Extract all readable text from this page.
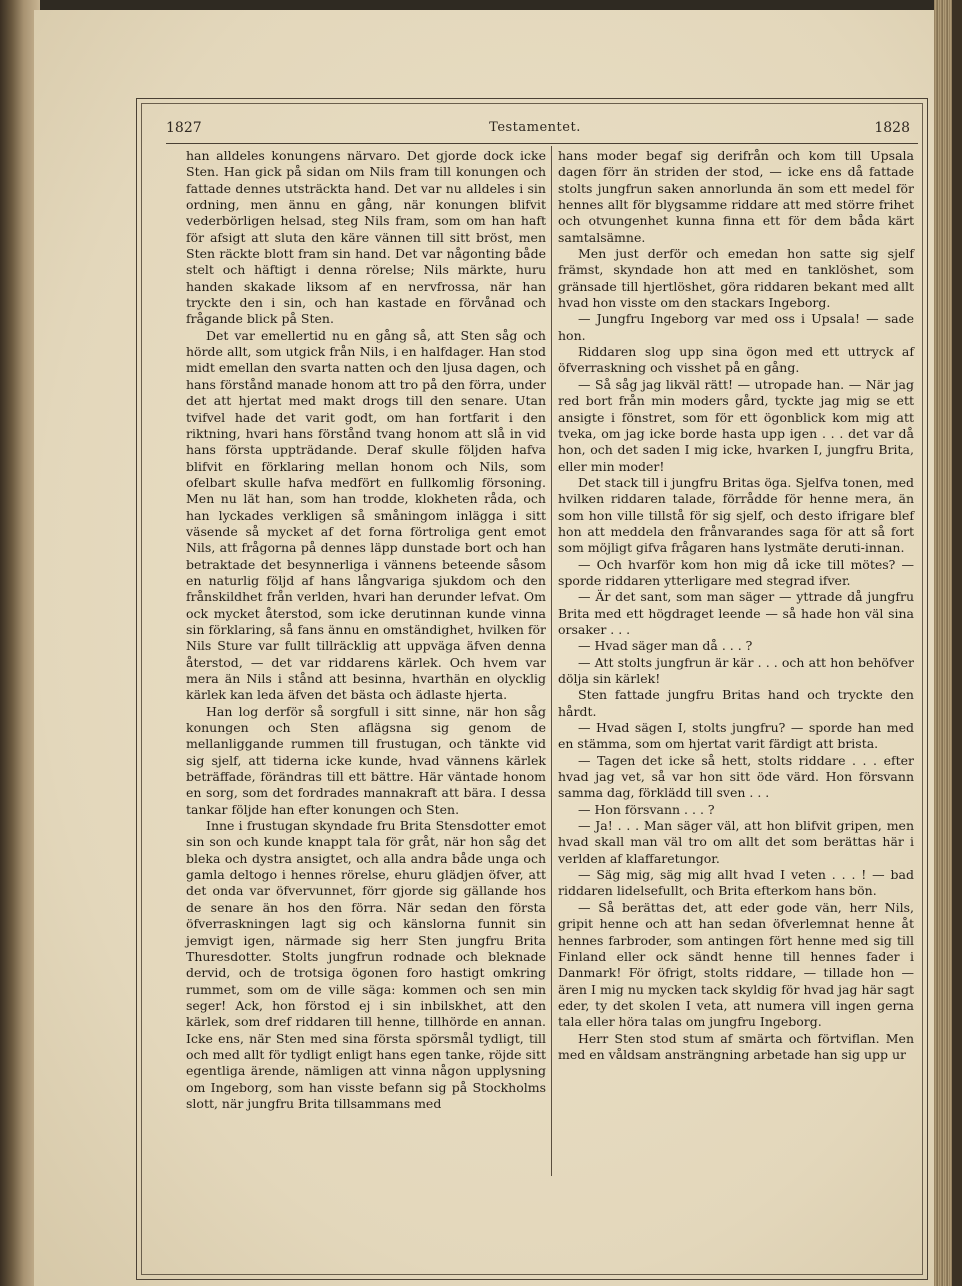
1827	Testamentet.	1828

han alldeles konungens närvaro. Det gjorde dock icke Sten. Han gick på sidan om Nils fram till konungen och fattade dennes utsträckta hand. Det var nu alldeles i sin ordning, men ännu en gång, när konungen blifvit vederbörligen helsad, steg Nils fram, som om han haft för afsigt att sluta den käre vännen till sitt bröst, men Sten räckte blott fram sin hand. Det var någonting både stelt och häftigt i denna rörelse; Nils märkte, huru handen skakade liksom af en nervfrossa, när han tryckte den i sin, och han kastade en förvånad och frågande blick på Sten.

Det var emellertid nu en gång så, att Sten såg och hörde allt, som utgick från Nils, i en halfdager. Han stod midt emellan den svarta natten och den ljusa dagen, och hans förstånd manade honom att tro på den förra, under det att hjertat med makt drogs till den senare. Utan tvifvel hade det varit godt, om han fortfarit i den riktning, hvari hans förstånd tvang honom att slå in vid hans första uppträdande. Deraf skulle följden hafva blifvit en förklaring mellan honom och Nils, som ofelbart skulle hafva medfört en fullkomlig försoning. Men nu lät han, som han trodde, klokheten råda, och han lyckades verkligen så småningom inlägga i sitt väsende så mycket af det forna förtroliga gent emot Nils, att frågorna på dennes läpp dunstade bort och han betraktade det besynnerliga i vännens beteende såsom en naturlig följd af hans långvariga sjukdom och den frånskildhet från verlden, hvari han derunder lefvat. Om ock mycket återstod, som icke derutinnan kunde vinna sin förklaring, så fans ännu en omständighet, hvilken för Nils Sture var fullt tillräcklig att uppväga äfven denna återstod, — det var riddarens kärlek. Och hvem var mera än Nils i stånd att besinna, hvarthän en olycklig kärlek kan leda äfven det bästa och ädlaste hjerta.

Han log derför så sorgfull i sitt sinne, när hon såg konungen och Sten aflägsna sig genom de mellanliggande rummen till frustugan, och tänkte vid sig sjelf, att tiderna icke kunde, hvad vännens kärlek beträffade, förändras till ett bättre. Här väntade honom en sorg, som det fordrades mannakraft att bära. I dessa tankar följde han efter konungen och Sten.

Inne i frustugan skyndade fru Brita Stensdotter emot sin son och kunde knappt tala för gråt, när hon såg det bleka och dystra ansigtet, och alla andra både unga och gamla deltogo i hennes rörelse, ehuru glädjen öfver, att det onda var öfvervunnet, förr gjorde sig gällande hos de senare än hos den förra. När sedan den första öfverraskningen lagt sig och känslorna funnit sin jemvigt igen, närmade sig herr Sten jungfru Brita Thuresdotter. Stolts jungfrun rodnade och bleknade dervid, och de trotsiga ögonen foro hastigt omkring rummet, som om de ville säga: kommen och sen min seger! Ack, hon förstod ej i sin inbilskhet, att den kärlek, som dref riddaren till henne, tillhörde en annan. Icke ens, när Sten med sina första spörsmål tydligt, till och med allt för tydligt enligt hans egen tanke, röjde sitt egentliga ärende, nämligen att vinna någon upplysning om Ingeborg, som han visste befann sig på Stockholms slott, när jungfru Brita tillsammans med

hans moder begaf sig derifrån och kom till Upsala dagen förr än striden der stod, — icke ens då fattade stolts jungfrun saken annorlunda än som ett medel för hennes allt för blygsamme riddare att med större frihet och otvungenhet kunna finna ett för dem båda kärt samtalsämne.

Men just derför och emedan hon satte sig sjelf främst, skyndade hon att med en tanklöshet, som gränsade till hjertlöshet, göra riddaren bekant med allt hvad hon visste om den stackars Ingeborg.

— Jungfru Ingeborg var med oss i Upsala! — sade hon.

Riddaren slog upp sina ögon med ett uttryck af öfverraskning och visshet på en gång.

— Så såg jag likväl rätt! — utropade han. — När jag red bort från min moders gård, tyckte jag mig se ett ansigte i fönstret, som för ett ögonblick kom mig att tveka, om jag icke borde hasta upp igen . . . det var då hon, och det saden I mig icke, hvarken I, jungfru Brita, eller min moder!

Det stack till i jungfru Britas öga. Sjelfva tonen, med hvilken riddaren talade, förrådde för henne mera, än som hon ville tillstå för sig sjelf, och desto ifrigare blef hon att meddela den frånvarandes saga för att så fort som möjligt gifva frågaren hans lystmäte deruti-innan.

— Och hvarför kom hon mig då icke till mötes? — sporde riddaren ytterligare med stegrad ifver.

— Är det sant, som man säger — yttrade då jungfru Brita med ett högdraget leende — så hade hon väl sina orsaker . . .

— Hvad säger man då . . . ?

— Att stolts jungfrun är kär . . . och att hon behöfver dölja sin kärlek!

Sten fattade jungfru Britas hand och tryckte den hårdt.

— Hvad sägen I, stolts jungfru? — sporde han med en stämma, som om hjertat varit färdigt att brista.

— Tagen det icke så hett, stolts riddare . . . efter hvad jag vet, så var hon sitt öde värd. Hon försvann samma dag, förklädd till sven . . .

— Hon försvann . . . ?

— Ja! . . . Man säger väl, att hon blifvit gripen, men hvad skall man väl tro om allt det som berättas här i verlden af klaffaretungor.

— Säg mig, säg mig allt hvad I veten . . . ! — bad riddaren lidelsefullt, och Brita efterkom hans bön.

— Så berättas det, att eder gode vän, herr Nils, gripit henne och att han sedan öfverlemnat henne åt hennes farbroder, som antingen fört henne med sig till Finland eller ock sändt henne till hennes fader i Danmark! För öfrigt, stolts riddare, — tillade hon — ären I mig nu mycken tack skyldig för hvad jag här sagt eder, ty det skolen I veta, att numera vill ingen gerna tala eller höra talas om jungfru Ingeborg.

Herr Sten stod stum af smärta och förtviflan. Men med en våldsam ansträngning arbetade han sig upp ur
